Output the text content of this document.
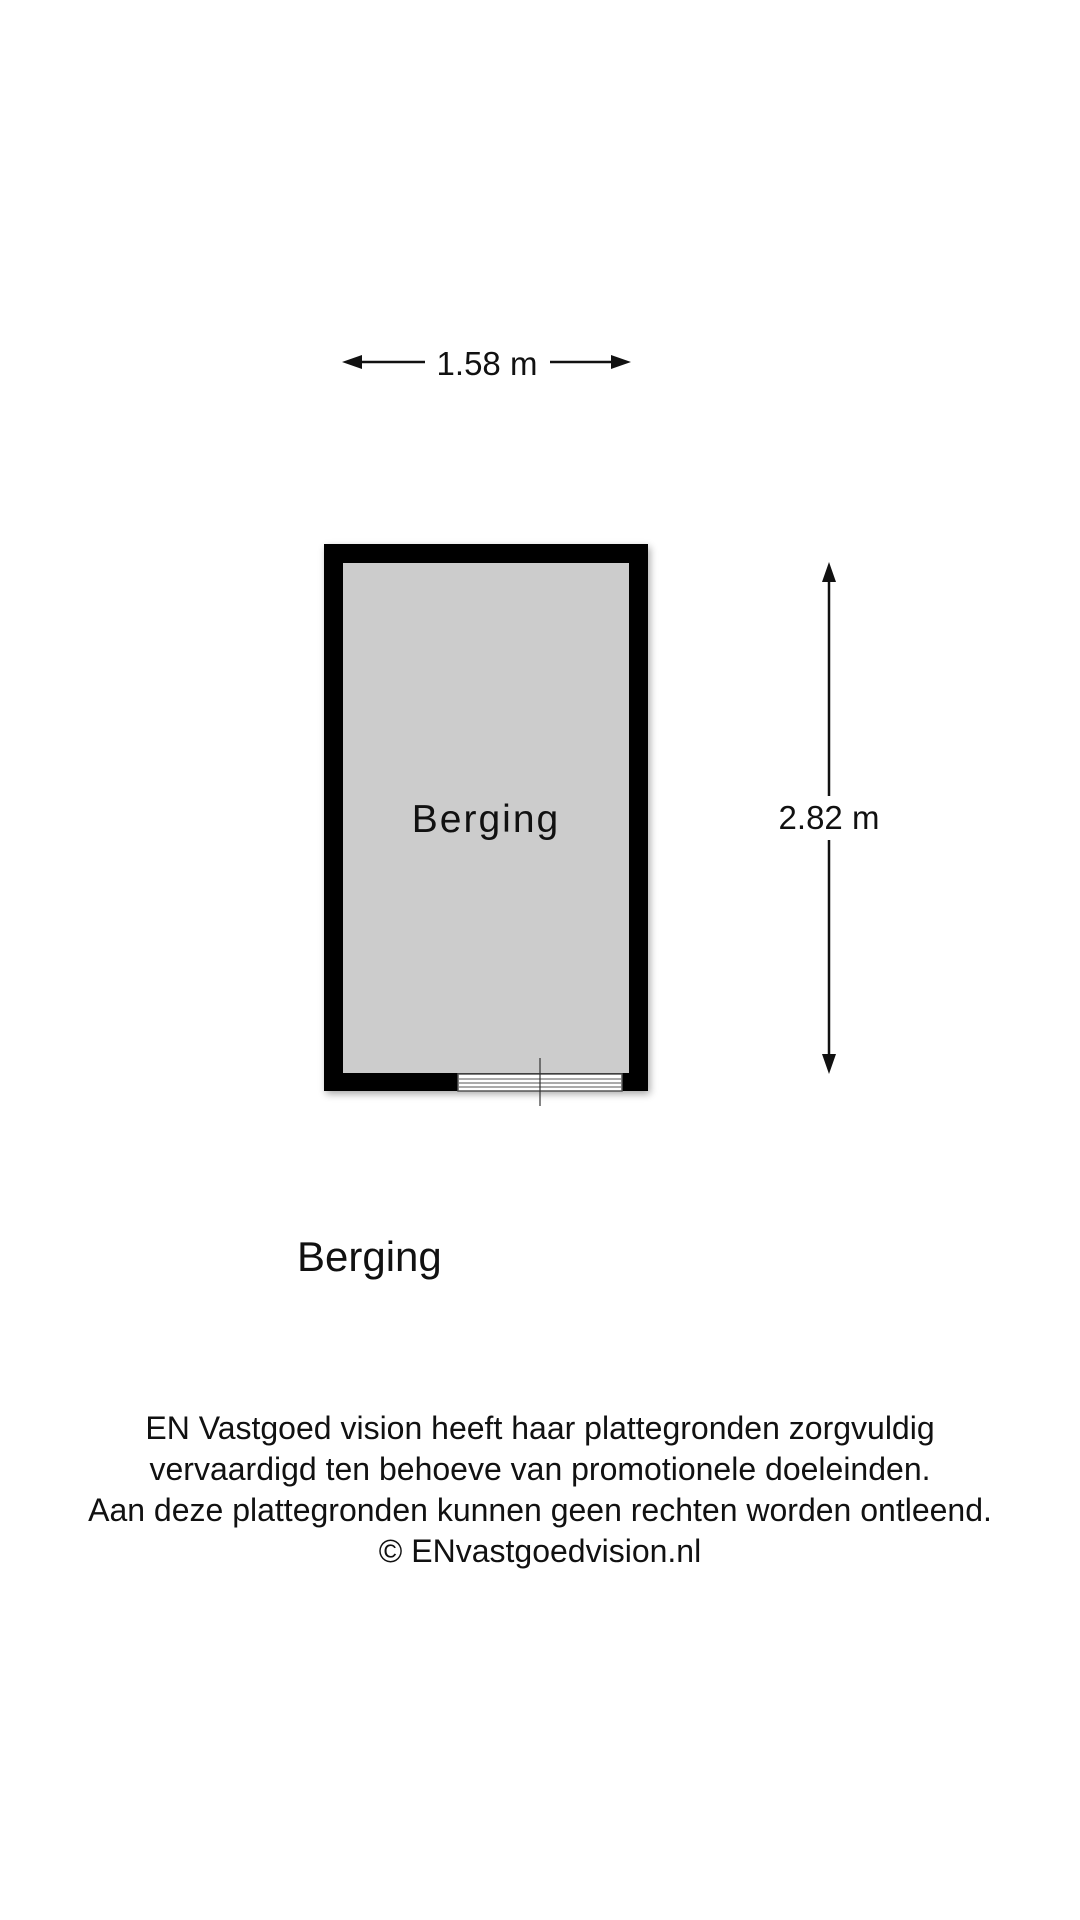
1.58 m
Berging	2.82 m
Berging
EN Vastgoed vision heeft haar plattegronden zorgvuldig
vervaardigd ten behoeve van promotionele doeleinden.
Aan deze plattegronden kunnen geen rechten worden ontleend.
© ENvastgoedvision.nl
